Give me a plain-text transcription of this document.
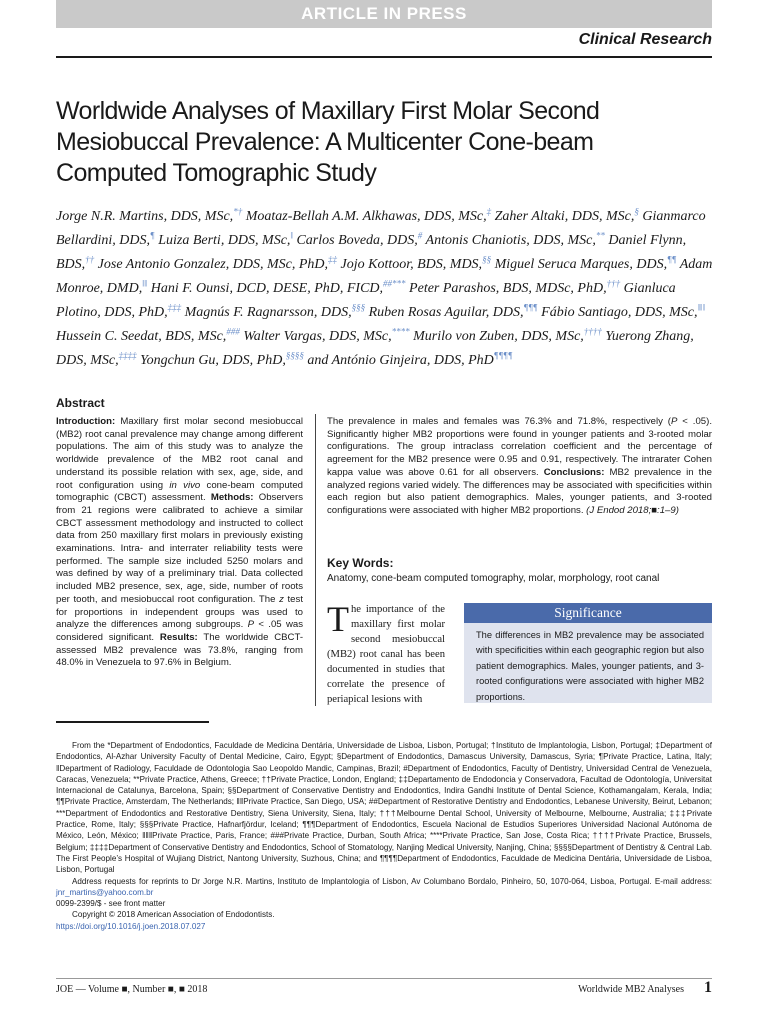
ARTICLE IN PRESS
Clinical Research
Worldwide Analyses of Maxillary First Molar Second Mesiobuccal Prevalence: A Multicenter Cone-beam Computed Tomographic Study

Jorge N.R. Martins, DDS, MSc,*† Moataz-Bellah A.M. Alkhawas, DDS, MSc,‡ Zaher Altaki, DDS, MSc,§ Gianmarco Bellardini, DDS,¶ Luiza Berti, DDS, MSc,‖ Carlos Boveda, DDS,# Antonis Chaniotis, DDS, MSc,** Daniel Flynn, BDS,†† Jose Antonio Gonzalez, DDS, MSc, PhD,‡‡ Jojo Kottoor, BDS, MDS,§§ Miguel Seruca Marques, DDS,¶¶ Adam Monroe, DMD,‖‖ Hani F. Ounsi, DCD, DESE, PhD, FICD,##*** Peter Parashos, BDS, MDSc, PhD,††† Gianluca Plotino, DDS, PhD,‡‡‡ Magnús F. Ragnarsson, DDS,§§§ Ruben Rosas Aguilar, DDS,¶¶¶ Fábio Santiago, DDS, MSc,‖‖‖ Hussein C. Seedat, BDS, MSc,### Walter Vargas, DDS, MSc,**** Murilo von Zuben, DDS, MSc,†††† Yuerong Zhang, DDS, MSc,‡‡‡‡ Yongchun Gu, DDS, PhD,§§§§ and António Ginjeira, DDS, PhD¶¶¶¶

Abstract

Introduction: Maxillary first molar second mesiobuccal (MB2) root canal prevalence may change among different populations. The aim of this study was to analyze the worldwide prevalence of the MB2 root canal and understand its possible relation with sex, age, side, and root configuration using in vivo cone-beam computed tomographic (CBCT) assessment. Methods: Observers from 21 regions were calibrated to achieve a similar CBCT assessment methodology and instructed to collect data from 250 maxillary first molars in previously existing examinations. Intra- and interrater reliability tests were performed. The sample size included 5250 molars and was defined by way of a preliminary trial. Data collected included MB2 presence, sex, age, side, number of roots per tooth, and mesiobuccal root configuration. The z test for proportions in independent groups was used to analyze the differences among subgroups. P < .05 was considered significant. Results: The worldwide CBCT-assessed MB2 prevalence was 73.8%, ranging from 48.0% in Venezuela to 97.6% in Belgium.

The prevalence in males and females was 76.3% and 71.8%, respectively (P < .05). Significantly higher MB2 proportions were found in younger patients and 3-rooted molar configurations. The group intraclass correlation coefficient and the percentage of agreement for the MB2 presence were 0.95 and 0.91, respectively. The intrarater Cohen kappa value was above 0.61 for all observers. Conclusions: MB2 prevalence in the analyzed regions varied widely. The differences may be associated with specificities within each region but also patient demographics. Males, younger patients, and 3-rooted configurations were associated with higher MB2 proportions. (J Endod 2018;■:1–9)

Key Words:
Anatomy, cone-beam computed tomography, molar, morphology, root canal

The importance of the maxillary first molar second mesiobuccal (MB2) root canal has been documented in studies that correlate the presence of periapical lesions with

Significance
The differences in MB2 prevalence may be associated with specificities within each geographic region but also patient demographics. Males, younger patients, and 3-rooted configurations were associated with higher MB2 proportions.

From the *Department of Endodontics, Faculdade de Medicina Dentária, Universidade de Lisboa, Lisbon, Portugal; †Instituto de Implantologia, Lisbon, Portugal; ‡Department of Endodontics, Al-Azhar University Faculty of Dental Medicine, Cairo, Egypt; §Department of Endodontics, Damascus University, Damascus, Syria; ¶Private Practice, Latina, Italy; ‖Department of Radiology, Faculdade de Odontologia Sao Leopoldo Mandic, Campinas, Brazil; #Department of Endodontics, Faculty of Dentistry, Universidad Central de Venezuela, Caracas, Venezuela; **Private Practice, Athens, Greece; ††Private Practice, London, England; ‡‡Departamento de Endodoncia y Conservadora, Facultad de Odontología, Universitat Internacional de Catalunya, Barcelona, Spain; §§Department of Conservative Dentistry and Endodontics, Indira Gandhi Institute of Dental Science, Kothamangalam, Kerala, India; ¶¶Private Practice, Amsterdam, The Netherlands; ‖‖Private Practice, San Diego, USA; ##Department of Restorative Dentistry and Endodontics, Lebanese University, Beirut, Lebanon; ***Department of Endodontics and Restorative Dentistry, Siena University, Siena, Italy; †††Melbourne Dental School, University of Melbourne, Melbourne, Australia; ‡‡‡Private Practice, Rome, Italy; §§§Private Practice, Hafnarfjördur, Iceland; ¶¶¶Department of Endodontics, Escuela Nacional de Estudios Superiores Universidad Nacional Autónoma de México, León, México; ‖‖‖Private Practice, Paris, France; ###Private Practice, Durban, South Africa; ****Private Practice, San Jose, Costa Rica; ††††Private Practice, Brussels, Belgium; ‡‡‡‡Department of Conservative Dentistry and Endodontics, School of Stomatology, Nanjing Medical University, Nanjing, China; §§§§Department of Dentistry & Central Lab. The First People’s Hospital of Wujiang District, Nantong University, Suzhous, China; and ¶¶¶¶Department of Endodontics, Faculdade de Medicina Dentária, Universidade de Lisboa, Lisbon, Portugal
Address requests for reprints to Dr Jorge N.R. Martins, Instituto de Implantologia of Lisbon, Av Columbano Bordalo, Pinheiro, 50, 1070-064, Lisboa, Portugal. E-mail address: jnr_martins@yahoo.com.br
0099-2399/$ - see front matter
Copyright © 2018 American Association of Endodontists.
https://doi.org/10.1016/j.joen.2018.07.027

JOE — Volume ■, Number ■, ■ 2018	Worldwide MB2 Analyses 1
